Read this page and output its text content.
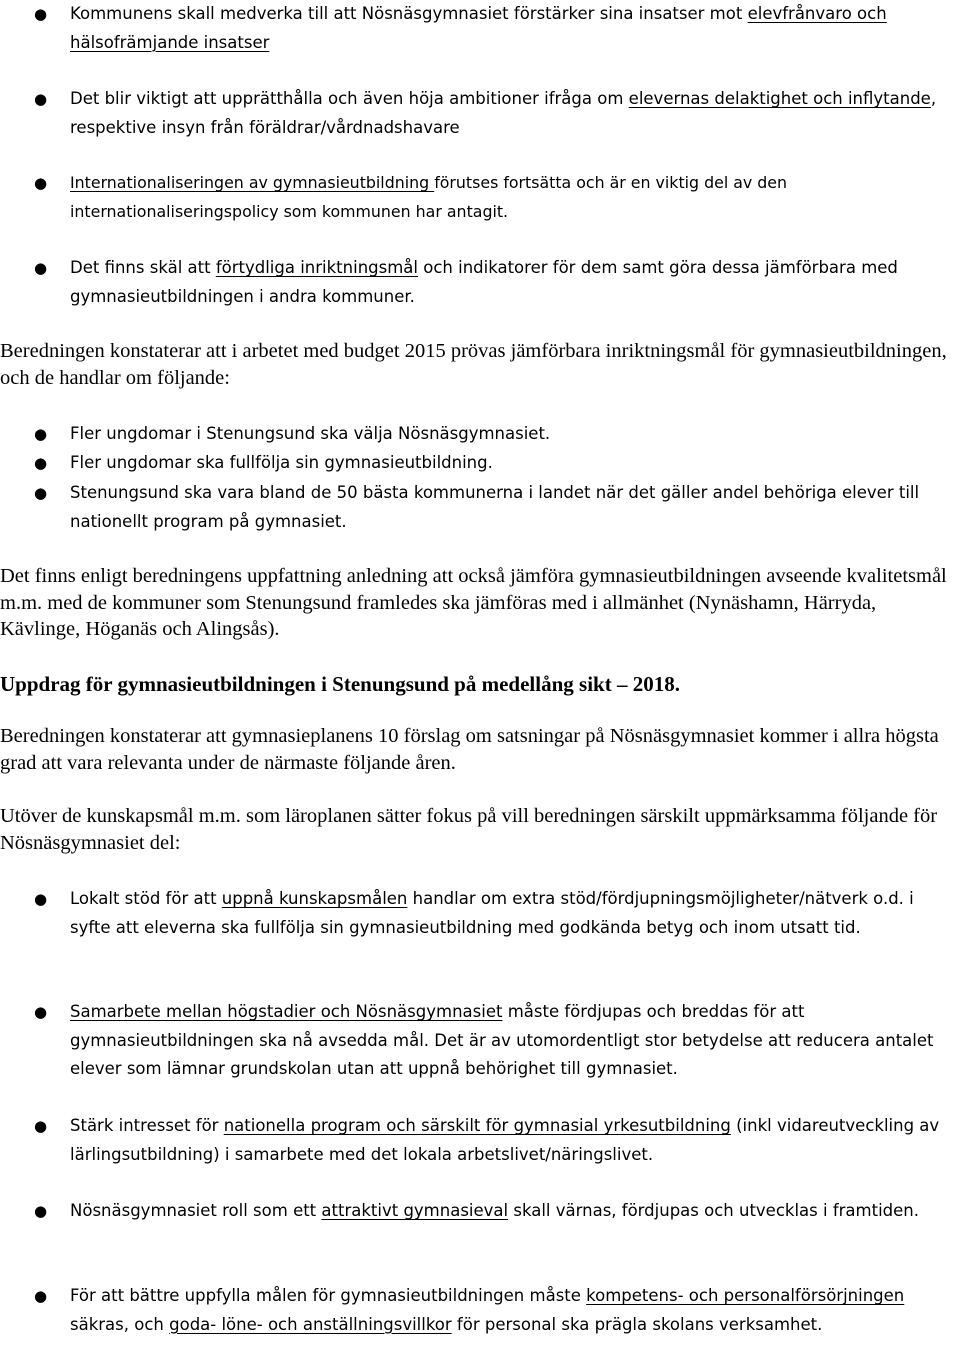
● Kommunens skall medverka till att Nösnäsgymnasiet förstärker sina insatser mot elevfrånvaro och hälsofrämjande insatser
● Det blir viktigt att upprätthålla och även höja ambitioner ifråga om elevernas delaktighet och inflytande, respektive insyn från föräldrar/vårdnadshavare
● Internationaliseringen av gymnasieutbildning förutses fortsätta och är en viktig del av den internationaliseringspolicy som kommunen har antagit.
● Det finns skäl att förtydliga inriktningsmål och indikatorer för dem samt göra dessa jämförbara med gymnasieutbildningen i andra kommuner.
Beredningen konstaterar att i arbetet med budget 2015 prövas jämförbara inriktningsmål för gymnasieutbildningen, och de handlar om följande:
● Fler ungdomar i Stenungsund ska välja Nösnäsgymnasiet.
● Fler ungdomar ska fullfölja sin gymnasieutbildning.
● Stenungsund ska vara bland de 50 bästa kommunerna i landet när det gäller andel behöriga elever till nationellt program på gymnasiet.
Det finns enligt beredningens uppfattning anledning att också jämföra gymnasieutbildningen avseende kvalitetsmål m.m. med de kommuner som Stenungsund framledes ska jämföras med i allmänhet (Nynäshamn, Härryda, Kävlinge, Höganäs och Alingsås).
Uppdrag för gymnasieutbildningen i Stenungsund på medellång sikt – 2018.
Beredningen konstaterar att gymnasieplanens 10 förslag om satsningar på Nösnäsgymnasiet kommer i allra högsta grad att vara relevanta under de närmaste följande åren.
Utöver de kunskapsmål m.m. som läroplanen sätter fokus på vill beredningen särskilt uppmärksamma följande för Nösnäsgymnasiet del:
● Lokalt stöd för att uppnå kunskapsmålen handlar om extra stöd/fördjupningsmöjligheter/nätverk o.d. i syfte att eleverna ska fullfölja sin gymnasieutbildning med godkända betyg och inom utsatt tid.
● Samarbete mellan högstadier och Nösnäsgymnasiet måste fördjupas och breddas för att gymnasieutbildningen ska nå avsedda mål. Det är av utomordentligt stor betydelse att reducera antalet elever som lämnar grundskolan utan att uppnå behörighet till gymnasiet.
● Stärk intresset för nationella program och särskilt för gymnasial yrkesutbildning (inkl vidareutveckling av lärlingsutbildning) i samarbete med det lokala arbetslivet/näringslivet.
● Nösnäsgymnasiet roll som ett attraktivt gymnasieval skall värnas, fördjupas och utvecklas i framtiden.
● För att bättre uppfylla målen för gymnasieutbildningen måste kompetens- och personalförsörjningen säkras, och goda- löne- och anställningsvillkor för personal ska prägla skolans verksamhet.
